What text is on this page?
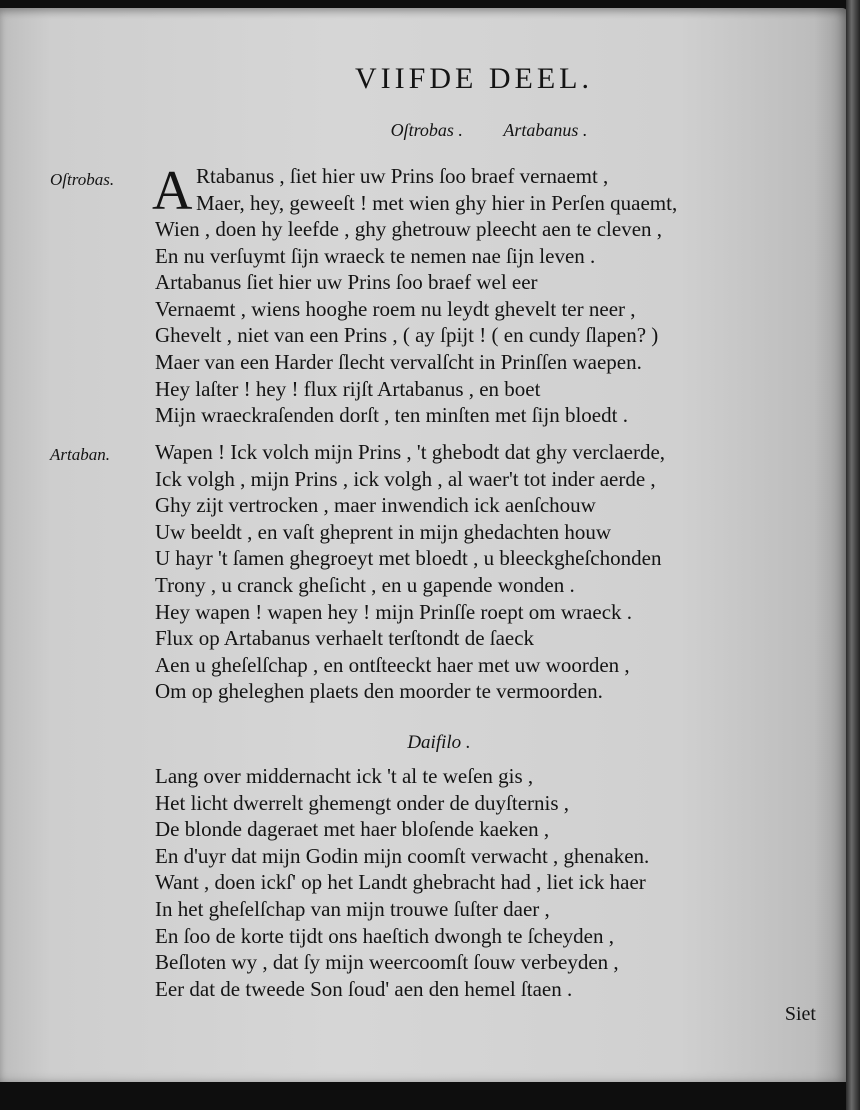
VIIFDE DEEL.
Oſtrobas . Artabanus .
Oſtrobas.
Artaban.
A Rtabanus , ſiet hier uw Prins ſoo braef vernaemt ,
Maer, hey, geweeſt ! met wien ghy hier in Perſen quaemt,
Wien , doen hy leefde , ghy ghetrouw pleecht aen te cleven ,
En nu verſuymt ſijn wraeck te nemen nae ſijn leven .
Artabanus ſiet hier uw Prins ſoo braef wel eer
Vernaemt , wiens hooghe roem nu leydt ghevelt ter neer ,
Ghevelt , niet van een Prins , ( ay ſpijt ! ( en cundy ſlapen? )
Maer van een Harder ſlecht vervalſcht in Prinſſen waepen.
Hey laſter ! hey ! flux rijſt Artabanus , en boet
Mijn wraeckraſenden dorſt , ten minſten met ſijn bloedt .
Wapen ! Ick volch mijn Prins , 't ghebodt dat ghy verclaerde,
Ick volgh , mijn Prins , ick volgh , al waer't tot inder aerde ,
Ghy zijt vertrocken , maer inwendich ick aenſchouw
Uw beeldt , en vaſt gheprent in mijn ghedachten houw
U hayr 't ſamen ghegroeyt met bloedt , u bleeckgheſchonden
Trony , u cranck gheſicht , en u gapende wonden .
Hey wapen ! wapen hey ! mijn Prinſſe roept om wraeck .
Flux op Artabanus verhaelt terſtondt de ſaeck
Aen u gheſelſchap , en ontſteeckt haer met uw woorden ,
Om op gheleghen plaets den moorder te vermoorden.
Daifilo .
Lang over middernacht ick 't al te weſen gis ,
Het licht dwerrelt ghemengt onder de duyſternis ,
De blonde dageraet met haer bloſende kaeken ,
En d'uyr dat mijn Godin mijn coomſt verwacht , ghenaken.
Want , doen ickſ' op het Landt ghebracht had , liet ick haer
In het gheſelſchap van mijn trouwe ſuſter daer ,
En ſoo de korte tijdt ons haeſtich dwongh te ſcheyden ,
Beſloten wy , dat ſy mijn weercoomſt ſouw verbeyden ,
Eer dat de tweede Son ſoud' aen den hemel ſtaen .
Siet
